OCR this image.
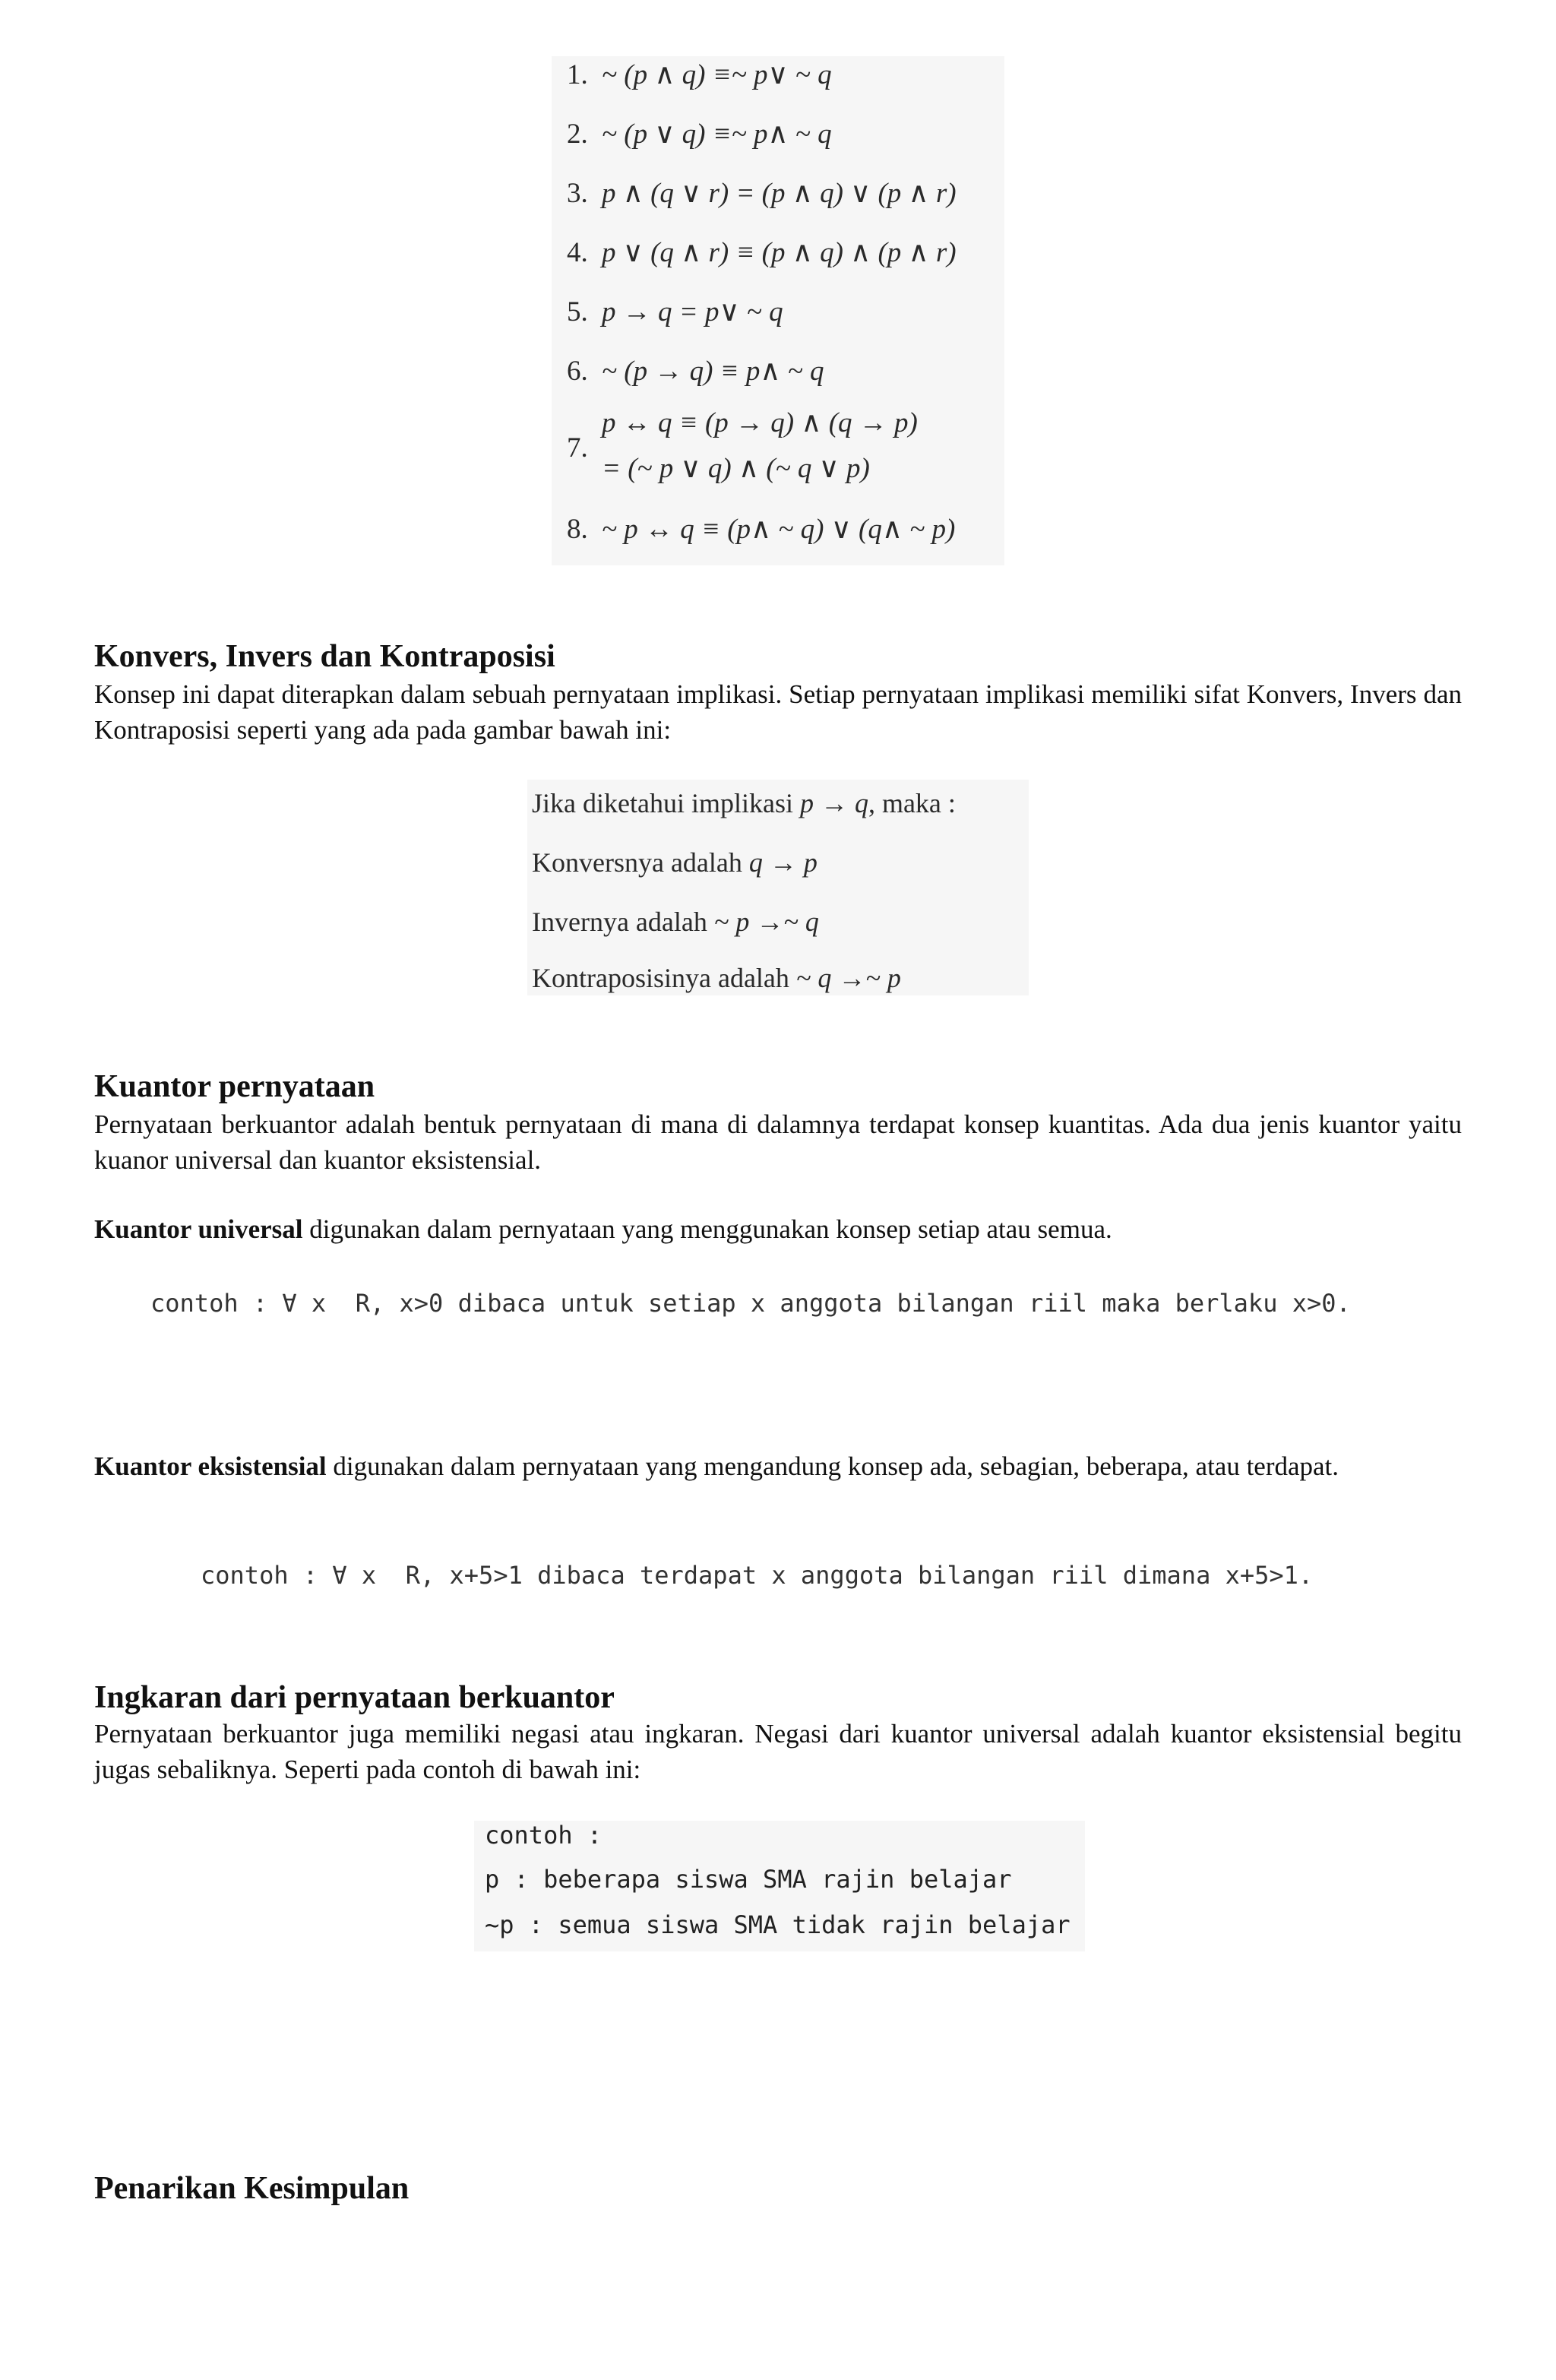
1. ~ (p ∧ q) ≡~ p∨ ~ q
2. ~ (p ∨ q) ≡~ p∧ ~ q
3. p ∧ (q ∨ r) = (p ∧ q) ∨ (p ∧ r)
4. p ∨ (q ∧ r) ≡ (p ∧ q) ∧ (p ∧ r)
5. p → q = p∨ ~ q
6. ~ (p → q) ≡ p∧ ~ q
7.
p ↔ q ≡ (p → q) ∧ (q → p)
= (~ p ∨ q) ∧ (~ q ∨ p)
8. ~ p ↔ q ≡ (p∧ ~ q) ∨ (q∧ ~ p)
Konvers, Invers dan Kontraposisi

Konsep ini dapat diterapkan dalam sebuah pernyataan implikasi. Setiap pernyataan implikasi memiliki sifat Konvers, Invers dan Kontraposisi seperti yang ada pada gambar bawah ini:

Jika diketahui implikasi p → q, maka :
Konversnya adalah q → p
Invernya adalah ~ p →~ q
Kontraposisinya adalah ~ q →~ p
Kuantor pernyataan

Pernyataan berkuantor adalah bentuk pernyataan di mana di dalamnya terdapat konsep kuantitas. Ada dua jenis kuantor yaitu kuanor universal dan kuantor eksistensial.

Kuantor universal digunakan dalam pernyataan yang menggunakan konsep setiap atau semua.

contoh : ∀ x  R, x>0 dibaca untuk setiap x anggota bilangan riil maka berlaku x>0.

Kuantor eksistensial digunakan dalam pernyataan yang mengandung konsep ada, sebagian, beberapa, atau terdapat.

contoh : ∀ x  R, x+5>1 dibaca terdapat x anggota bilangan riil dimana x+5>1.
Ingkaran dari pernyataan berkuantor

Pernyataan berkuantor juga memiliki negasi atau ingkaran. Negasi dari kuantor universal adalah kuantor eksistensial begitu jugas sebaliknya. Seperti pada contoh di bawah ini:

contoh :
p : beberapa siswa SMA rajin belajar
~p : semua siswa SMA tidak rajin belajar
Penarikan Kesimpulan
